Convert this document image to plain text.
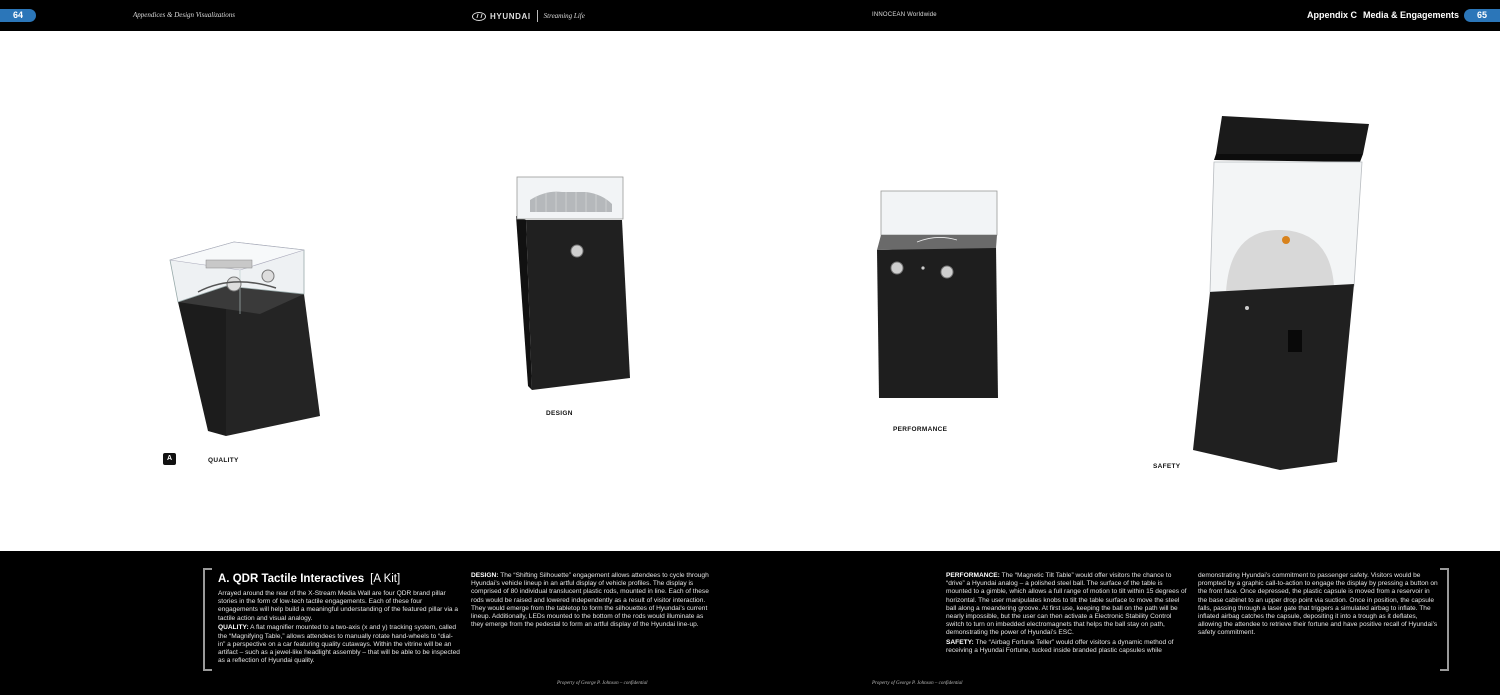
64	Appendices & Design Visualizations	HYUNDAI Streaming Life	INNOCEAN Worldwide	Appendix C Media & Engagements	65
A	QUALITY
DESIGN
PERFORMANCE
SAFETY
A. QDR Tactile Interactives [A Kit]

Arrayed around the rear of the X-Stream Media Wall are four QDR brand pillar stories in the form of low-tech tactile engagements. Each of these four engagements will help build a meaningful understanding of the featured pillar via a tactile action and visual analogy.

QUALITY: A flat magnifier mounted to a two-axis (x and y) tracking system, called the “Magnifying Table,” allows attendees to manually rotate hand-wheels to “dial-in” a perspective on a car featuring quality cutaways. Within the vitrine will be an artifact – such as a jewel-like headlight assembly – that will be able to be inspected as a reflection of Hyundai quality.

DESIGN: The “Shifting Silhouette” engagement allows attendees to cycle through Hyundai’s vehicle lineup in an artful display of vehicle profiles. The display is comprised of 80 individual translucent plastic rods, mounted in line. Each of these rods would be raised and lowered independently as a result of visitor interaction. They would emerge from the tabletop to form the silhouettes of Hyundai’s current lineup. Additionally, LEDs mounted to the bottom of the rods would illuminate as they emerge from the pedestal to form an artful display of the Hyundai line-up.

PERFORMANCE: The “Magnetic Tilt Table” would offer visitors the chance to “drive” a Hyundai analog – a polished steel ball. The surface of the table is mounted to a gimble, which allows a full range of motion to tilt within 15 degrees of horizontal. The user manipulates knobs to tilt the table surface to move the steel ball along a meandering groove. At first use, keeping the ball on the path will be nearly impossible, but the user can then activate a Electronic Stability Control switch to turn on imbedded electromagnets that helps the ball stay on path, demonstrating the power of Hyundai’s ESC.

SAFETY: The “Airbag Fortune Teller” would offer visitors a dynamic method of receiving a Hyundai Fortune, tucked inside branded plastic capsules while

demonstrating Hyundai’s commitment to passenger safety. Visitors would be prompted by a graphic call-to-action to engage the display by pressing a button on the front face. Once depressed, the plastic capsule is moved from a reservoir in the base cabinet to an upper drop point via suction. Once in position, the capsule falls, passing through a laser gate that triggers a simulated airbag to inflate. The inflated airbag catches the capsule, depositing it into a trough as it deflates, allowing the attendee to retrieve their fortune and have positive recall of Hyundai’s safety commitment.

Property of George P. Johnson – confidential	Property of George P. Johnson – confidential
